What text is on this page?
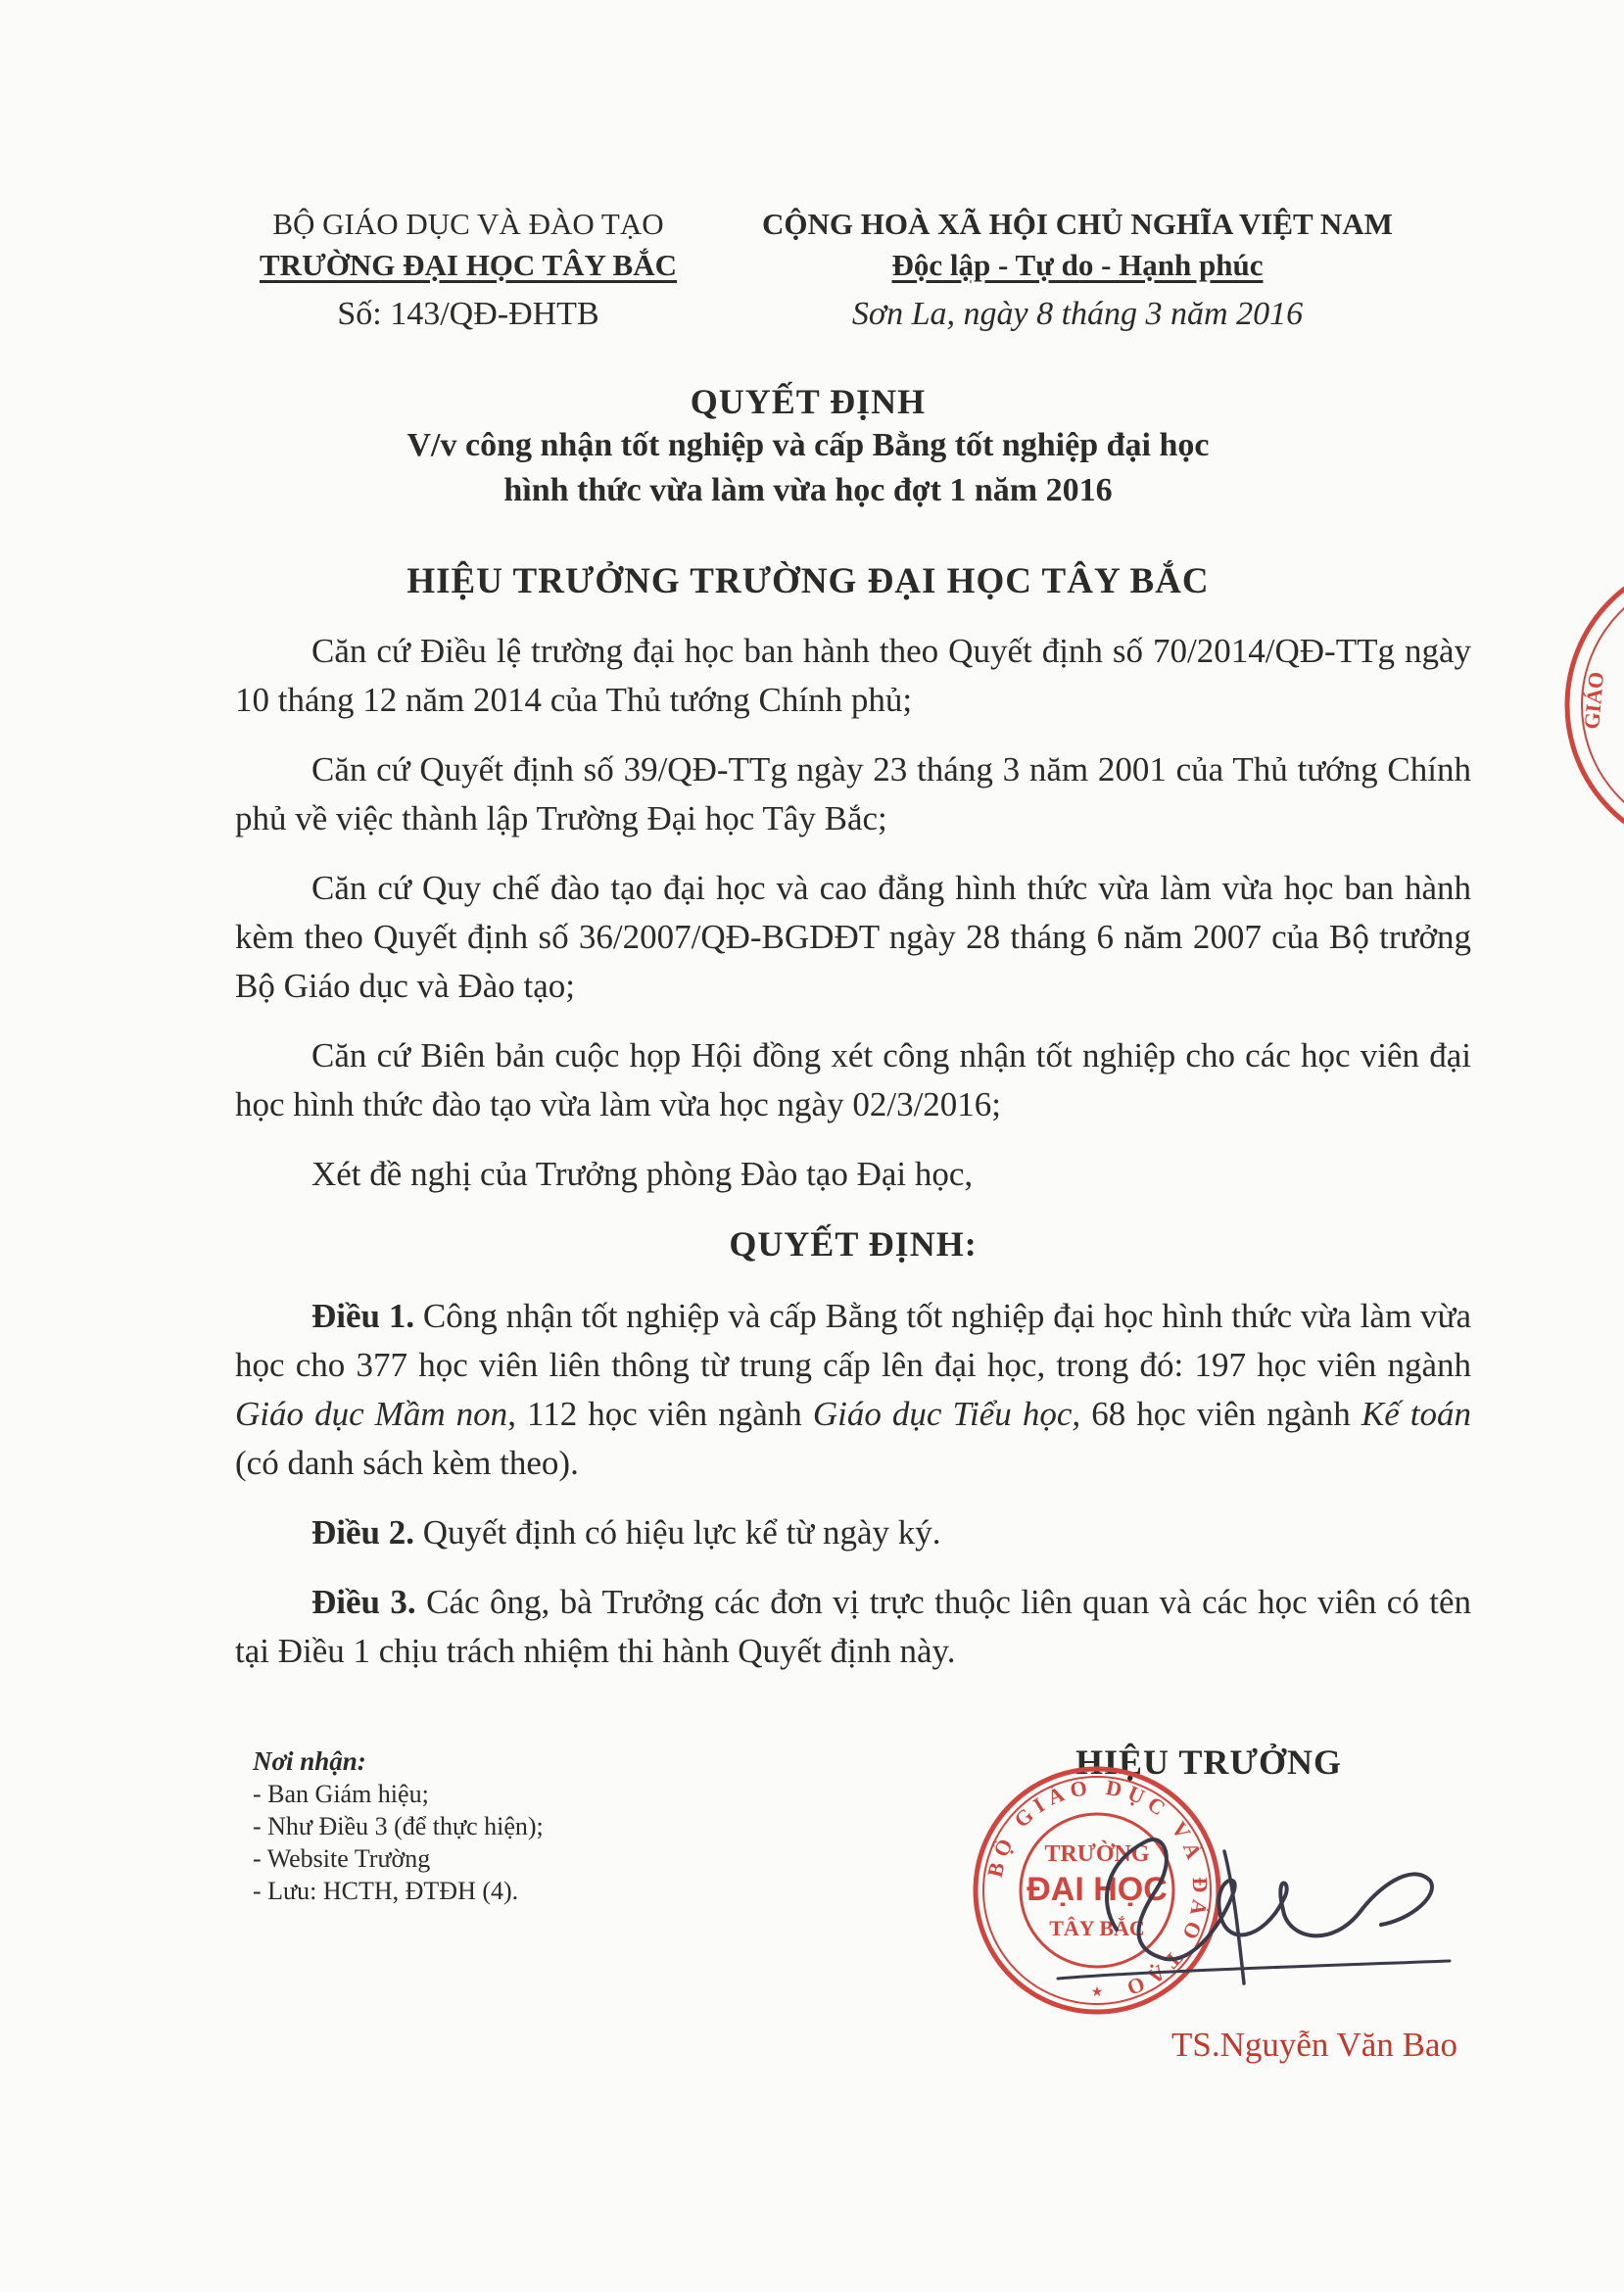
BỘ GIÁO DỤC VÀ ĐÀO TẠO
TRƯỜNG ĐẠI HỌC TÂY BẮC
Số: 143/QĐ-ĐHTB
CỘNG HOÀ XÃ HỘI CHỦ NGHĨA VIỆT NAM
Độc lập - Tự do - Hạnh phúc
Sơn La, ngày 8 tháng 3 năm 2016
QUYẾT ĐỊNH
V/v công nhận tốt nghiệp và cấp Bằng tốt nghiệp đại học
hình thức vừa làm vừa học đợt 1 năm 2016
HIỆU TRƯỞNG TRƯỜNG ĐẠI HỌC TÂY BẮC

Căn cứ Điều lệ trường đại học ban hành theo Quyết định số 70/2014/QĐ-TTg ngày 10 tháng 12 năm 2014 của Thủ tướng Chính phủ;

Căn cứ Quyết định số 39/QĐ-TTg ngày 23 tháng 3 năm 2001 của Thủ tướng Chính phủ về việc thành lập Trường Đại học Tây Bắc;

Căn cứ Quy chế đào tạo đại học và cao đẳng hình thức vừa làm vừa học ban hành kèm theo Quyết định số 36/2007/QĐ-BGDĐT ngày 28 tháng 6 năm 2007 của Bộ trưởng Bộ Giáo dục và Đào tạo;

Căn cứ Biên bản cuộc họp Hội đồng xét công nhận tốt nghiệp cho các học viên đại học hình thức đào tạo vừa làm vừa học ngày 02/3/2016;

Xét đề nghị của Trưởng phòng Đào tạo Đại học,

QUYẾT ĐỊNH:

Điều 1. Công nhận tốt nghiệp và cấp Bằng tốt nghiệp đại học hình thức vừa làm vừa học cho 377 học viên liên thông từ trung cấp lên đại học, trong đó: 197 học viên ngành Giáo dục Mầm non, 112 học viên ngành Giáo dục Tiểu học, 68 học viên ngành Kế toán (có danh sách kèm theo).

Điều 2. Quyết định có hiệu lực kể từ ngày ký.

Điều 3. Các ông, bà Trưởng các đơn vị trực thuộc liên quan và các học viên có tên tại Điều 1 chịu trách nhiệm thi hành Quyết định này.

Nơi nhận:
- Ban Giám hiệu;
- Như Điều 3 (để thực hiện);
- Website Trường
- Lưu: HCTH, ĐTĐH (4).
HIỆU TRƯỞNG
BỘ GIÁO DỤC VÀ ĐÀO TẠO
TRƯỜNG
ĐẠI HỌC
TÂY BẮC
★
TS.Nguyễn Văn Bao
GIÁO
